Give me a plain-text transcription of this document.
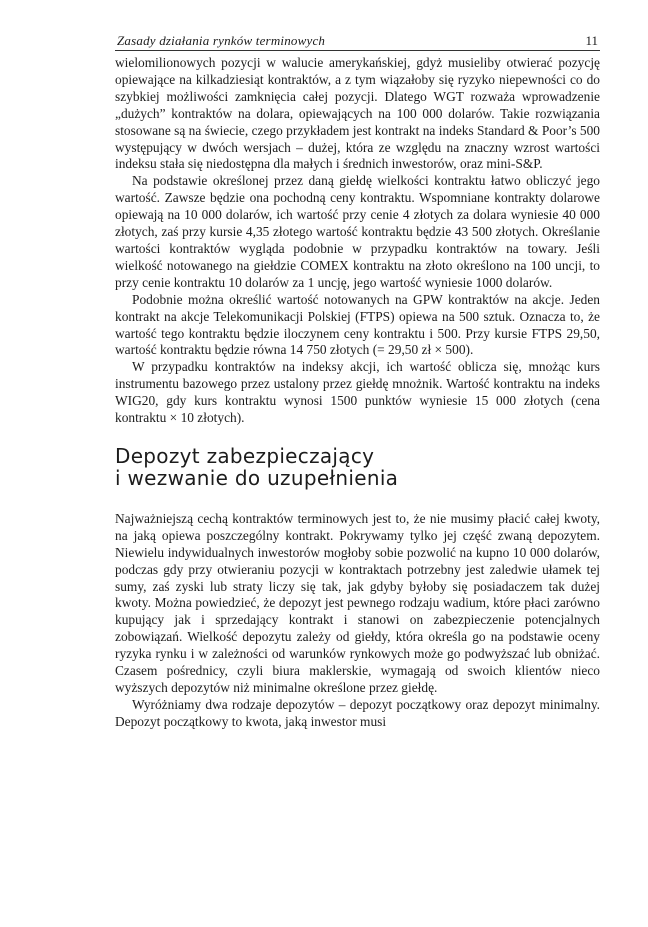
Zasady działania rynków terminowych	11

wielomilionowych pozycji w walucie amerykańskiej, gdyż musieliby otwierać pozycję opiewające na kilkadziesiąt kontraktów, a z tym wiązałoby się ryzyko niepewności co do szybkiej możliwości zamknięcia całej pozycji. Dlatego WGT rozważa wprowadzenie „dużych” kontraktów na dolara, opiewających na 100 000 dolarów. Takie rozwiązania stosowane są na świecie, czego przykładem jest kontrakt na indeks Standard & Poor’s 500 występujący w dwóch wersjach – dużej, która ze względu na znaczny wzrost wartości indeksu stała się niedostępna dla małych i średnich inwestorów, oraz mini-S&P.

Na podstawie określonej przez daną giełdę wielkości kontraktu łatwo obliczyć jego wartość. Zawsze będzie ona pochodną ceny kontraktu. Wspomniane kontrakty dolarowe opiewają na 10 000 dolarów, ich wartość przy cenie 4 złotych za dolara wyniesie 40 000 złotych, zaś przy kursie 4,35 złotego wartość kontraktu będzie 43 500 złotych. Określanie wartości kontraktów wygląda podobnie w przypadku kontraktów na towary. Jeśli wielkość notowanego na giełdzie COMEX kontraktu na złoto określono na 100 uncji, to przy cenie kontraktu 10 dolarów za 1 uncję, jego wartość wyniesie 1000 dolarów.

Podobnie można określić wartość notowanych na GPW kontraktów na akcje. Jeden kontrakt na akcje Telekomunikacji Polskiej (FTPS) opiewa na 500 sztuk. Oznacza to, że wartość tego kontraktu będzie iloczynem ceny kontraktu i 500. Przy kursie FTPS 29,50, wartość kontraktu będzie równa 14 750 złotych (= 29,50 zł × 500).

W przypadku kontraktów na indeksy akcji, ich wartość oblicza się, mnożąc kurs instrumentu bazowego przez ustalony przez giełdę mnożnik. Wartość kontraktu na indeks WIG20, gdy kurs kontraktu wynosi 1500 punktów wyniesie 15 000 złotych (cena kontraktu × 10 złotych).

Depozyt zabezpieczający
i wezwanie do uzupełnienia

Najważniejszą cechą kontraktów terminowych jest to, że nie musimy płacić całej kwoty, na jaką opiewa poszczególny kontrakt. Pokrywamy tylko jej część zwaną depozytem. Niewielu indywidualnych inwestorów mogłoby sobie pozwolić na kupno 10 000 dolarów, podczas gdy przy otwieraniu pozycji w kontraktach potrzebny jest zaledwie ułamek tej sumy, zaś zyski lub straty liczy się tak, jak gdyby byłoby się posiadaczem tak dużej kwoty. Można powiedzieć, że depozyt jest pewnego rodzaju wadium, które płaci zarówno kupujący jak i sprzedający kontrakt i stanowi on zabezpieczenie potencjalnych zobowiązań. Wielkość depozytu zależy od giełdy, która określa go na podstawie oceny ryzyka rynku i w zależności od warunków rynkowych może go podwyższać lub obniżać. Czasem pośrednicy, czyli biura maklerskie, wymagają od swoich klientów nieco wyższych depozytów niż minimalne określone przez giełdę.

Wyróżniamy dwa rodzaje depozytów – depozyt początkowy oraz depozyt minimalny. Depozyt początkowy to kwota, jaką inwestor musi
